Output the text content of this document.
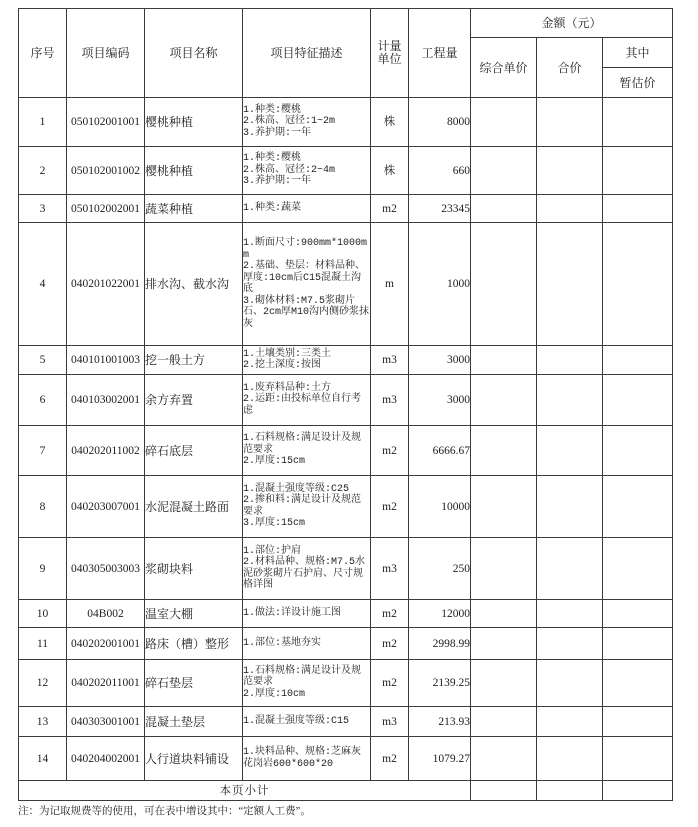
序号	项目编码	项目名称	项目特征描述	计量单位	工程量	金额（元）		
						综合单价	合价	其中
								暂估价
1	050102001001	樱桃种植	1.种类:樱桃
2.株高、冠径:1~2m
3.养护期:一年	株	8000			
2	050102001002	樱桃种植	1.种类:樱桃
2.株高、冠径:2~4m
3.养护期:一年	株	660			
3	050102002001	蔬菜种植	1.种类:蔬菜	m2	23345			
4	040201022001	排水沟、截水沟	1.断面尺寸:900mm*1000mm
2.基础、垫层：材料品种、厚度:10cm后C15混凝土沟底
3.砌体材料:M7.5浆砌片石、2cm厚M10沟内侧砂浆抹灰	m	1000			
5	040101001003	挖一般土方	1.土壤类别:三类土
2.挖土深度:按图	m3	3000			
6	040103002001	余方弃置	1.废弃料品种:土方
2.运距:由投标单位自行考虑	m3	3000			
7	040202011002	碎石底层	1.石料规格:满足设计及规范要求
2.厚度:15cm	m2	6666.67			
8	040203007001	水泥混凝土路面	1.混凝土强度等级:C25
2.掺和料:满足设计及规范要求
3.厚度:15cm	m2	10000			
9	040305003003	浆砌块料	1.部位:护肩
2.材料品种、规格:M7.5水泥砂浆砌片石护肩、尺寸规格详图	m3	250			
10	04B002	温室大棚	1.做法:详设计施工图	m2	12000			
11	040202001001	路床（槽）整形	1.部位:基地夯实	m2	2998.99			
12	040202011001	碎石垫层	1.石料规格:满足设计及规范要求
2.厚度:10cm	m2	2139.25			
13	040303001001	混凝土垫层	1.混凝土强度等级:C15	m3	213.93			
14	040204002001	人行道块料铺设	1.块料品种、规格:芝麻灰花岗岩600*600*20	m2	1079.27			
本页小计								
注：为记取规费等的使用，可在表中增设其中：“定额人工费”。
